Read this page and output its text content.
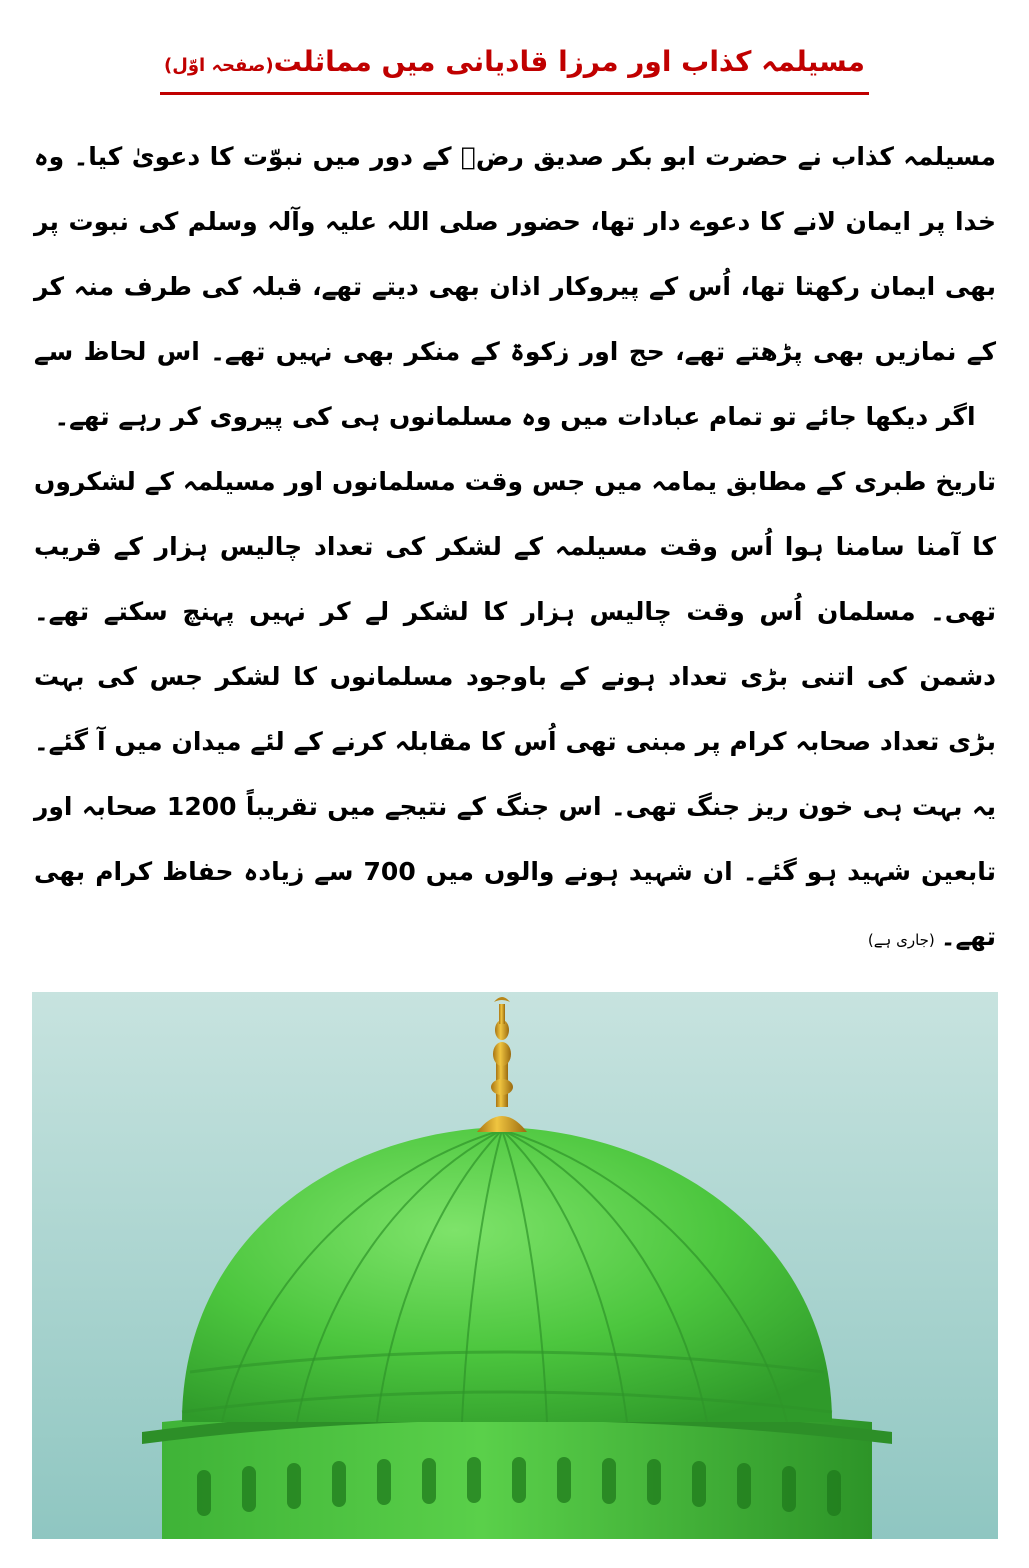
مسیلمہ کذاب اور مرزا قادیانی میں مماثلت(صفحہ اوّل)

مسیلمہ کذاب نے حضرت ابو بکر صدیق رضؓ کے دور میں نبوّت کا دعویٰ کیا۔ وہ خدا پر ایمان لانے کا دعوے دار تھا، حضور صلی اللہ علیہ وآلہ وسلم کی نبوت پر بھی ایمان رکھتا تھا، اُس کے پیروکار اذان بھی دیتے تھے، قبلہ کی طرف منہ کر کے نمازیں بھی پڑھتے تھے، حج اور زکوۃ کے منکر بھی نہیں تھے۔ اس لحاظ سے اگر دیکھا جائے تو تمام عبادات میں وہ مسلمانوں ہی کی پیروی کر رہے تھے۔

تاریخ طبری کے مطابق یمامہ میں جس وقت مسلمانوں اور مسیلمہ کے لشکروں کا آمنا سامنا ہوا اُس وقت مسیلمہ کے لشکر کی تعداد چالیس ہزار کے قریب تھی۔ مسلمان اُس وقت چالیس ہزار کا لشکر لے کر نہیں پہنچ سکتے تھے۔ دشمن کی اتنی بڑی تعداد ہونے کے باوجود مسلمانوں کا لشکر جس کی بہت بڑی تعداد صحابہ کرام پر مبنی تھی اُس کا مقابلہ کرنے کے لئے میدان میں آ گئے۔ یہ بہت ہی خون ریز جنگ تھی۔ اس جنگ کے نتیجے میں تقریباً 1200 صحابہ اور تابعین شہید ہو گئے۔ ان شہید ہونے والوں میں 700 سے زیادہ حفاظ کرام بھی تھے۔(جاری ہے)
